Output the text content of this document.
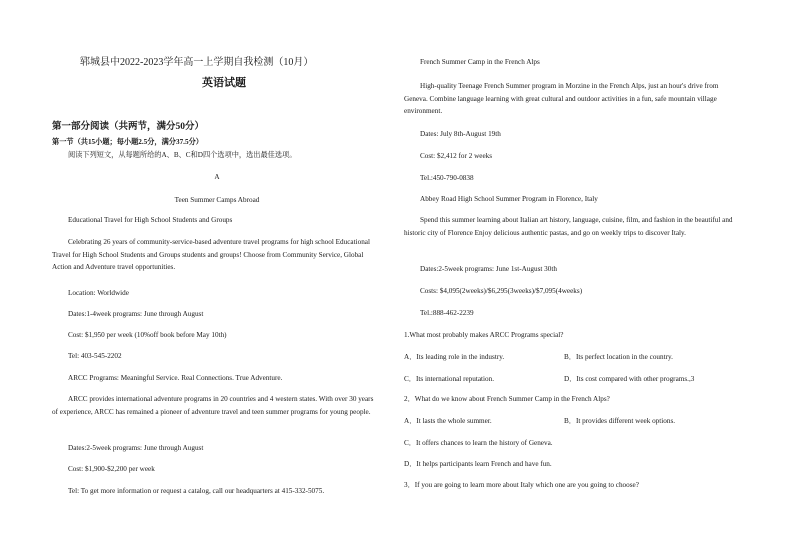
郓城县中2022-2023学年高一上学期自我检测（10月）
英语试题
第一部分阅读（共两节，满分50分）
第一节（共15小题；每小题2.5分，满分37.5分）
阅读下列短文，从每题所给的A、B、C和D四个选项中，选出最佳选项。
A
Teen Summer Camps Abroad
Educational Travel for High School Students and Groups
Celebrating 26 years of community-service-based adventure travel programs for high school Educational Travel for High School Students and Groups students and groups! Choose from Community Service, Global Action and Adventure travel opportunities.
Location: Worldwide
Dates:1-4week programs: June through August
Cost: $1,950 per week (10%off book before May 10th)
Tel: 403-545-2202
ARCC Programs: Meaningful Service. Real Connections. True Adventure.
ARCC provides international adventure programs in 20 countries and 4 western states. With over 30 years of experience, ARCC has remained a pioneer of adventure travel and teen summer programs for young people.
Dates:2-5week programs: June through August
Cost: $1,900-$2,200 per week
Tel: To get more information or request a catalog, call our headquarters at 415-332-5075.
French Summer Camp in the French Alps
High-quality Teenage French Summer program in Morzine in the French Alps, just an hour's drive from Geneva. Combine language learning with great cultural and outdoor activities in a fun, safe mountain village environment.
Dates: July 8th-August 19th
Cost: $2,412 for 2 weeks
Tel.:450-790-0838
Abbey Road High School Summer Program in Florence, Italy
Spend this summer learning about Italian art history, language, cuisine, film, and fashion in the beautiful and historic city of Florence Enjoy delicious authentic pastas, and go on weekly trips to discover Italy.
Dates:2-5week programs: June 1st-August 30th
Costs: $4,095(2weeks)/$6,295(3weeks)/$7,095(4weeks)
Tel.:888-462-2239
1.What most probably makes ARCC Programs special?
A．Its leading role in the industry.	B．Its perfect location in the country.
C．Its international reputation.	D．Its cost compared with other programs.,3
2．What do we know about French Summer Camp in the French Alps?
A．It lasts the whole summer.	B．It provides different week options.
C．It offers chances to learn the history of Geneva.
D．It helps participants learn French and have fun.
3．If you are going to learn more about Italy which one are you going to choose?
